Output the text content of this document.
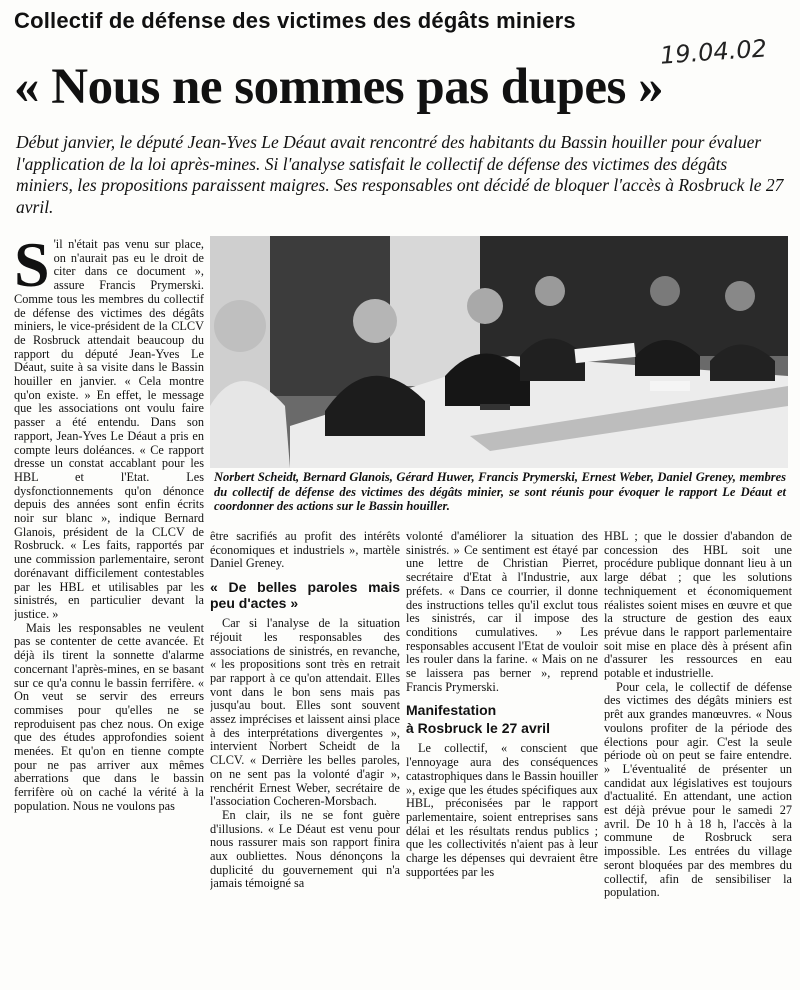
Collectif de défense des victimes des dégâts miniers
19.04.02
« Nous ne sommes pas dupes »
Début janvier, le député Jean-Yves Le Déaut avait rencontré des habitants du Bassin houiller pour évaluer l'application de la loi après-mines. Si l'analyse satisfait le collectif de défense des victimes des dégâts miniers, les propositions paraissent maigres. Ses responsables ont décidé de bloquer l'accès à Rosbruck le 27 avril.
Norbert Scheidt, Bernard Glanois, Gérard Huwer, Francis Prymerski, Ernest Weber, Daniel Greney, membres du collectif de défense des victimes des dégâts minier, se sont réunis pour évoquer le rapport Le Déaut et coordonner des actions sur le Bassin houiller.

S 'il n'était pas venu sur place, on n'aurait pas eu le droit de citer dans ce document », assure Francis Prymerski. Comme tous les membres du collectif de défense des victimes des dégâts miniers, le vice-président de la CLCV de Rosbruck attendait beaucoup du rapport du député Jean-Yves Le Déaut, suite à sa visite dans le Bassin houiller en janvier. « Cela montre qu'on existe. » En effet, le message que les associations ont voulu faire passer a été entendu. Dans son rapport, Jean-Yves Le Déaut a pris en compte leurs doléances. « Ce rapport dresse un constat accablant pour les HBL et l'Etat. Les dysfonctionnements qu'on dénonce depuis des années sont enfin écrits noir sur blanc », indique Bernard Glanois, président de la CLCV de Rosbruck. « Les faits, rapportés par une commission parlementaire, seront dorénavant difficilement contestables par les HBL et utilisables par les sinistrés, en particulier devant la justice. »

Mais les responsables ne veulent pas se contenter de cette avancée. Et déjà ils tirent la sonnette d'alarme concernant l'après-mines, en se basant sur ce qu'a connu le bassin ferrifère. « On veut se servir des erreurs commises pour qu'elles ne se reproduisent pas chez nous. On exige que des études approfondies soient menées. Et qu'on en tienne compte pour ne pas arriver aux mêmes aberrations que dans le bassin ferrifère où on caché la vérité à la population. Nous ne voulons pas

être sacrifiés au profit des intérêts économiques et industriels », martèle Daniel Greney.

« De belles paroles mais peu d'actes »

Car si l'analyse de la situation réjouit les responsables des associations de sinistrés, en revanche, « les propositions sont très en retrait par rapport à ce qu'on attendait. Elles vont dans le bon sens mais pas jusqu'au bout. Elles sont souvent assez imprécises et laissent ainsi place à des interprétations divergentes », intervient Norbert Scheidt de la CLCV. « Derrière les belles paroles, on ne sent pas la volonté d'agir », renchérit Ernest Weber, secrétaire de l'association Cocheren-Morsbach.

En clair, ils ne se font guère d'illusions. « Le Déaut est venu pour nous rassurer mais son rapport finira aux oubliettes. Nous dénonçons la duplicité du gouvernement qui n'a jamais témoigné sa

volonté d'améliorer la situation des sinistrés. » Ce sentiment est étayé par une lettre de Christian Pierret, secrétaire d'Etat à l'Industrie, aux préfets. « Dans ce courrier, il donne des instructions telles qu'il exclut tous les sinistrés, car il impose des conditions cumulatives. » Les responsables accusent l'Etat de vouloir les rouler dans la farine. « Mais on ne se laissera pas berner », reprend Francis Prymerski.

Manifestation
à Rosbruck le 27 avril

Le collectif, « conscient que l'ennoyage aura des conséquences catastrophiques dans le Bassin houiller », exige que les études spécifiques aux HBL, préconisées par le rapport parlementaire, soient entreprises sans délai et les résultats rendus publics ; que les collectivités n'aient pas à leur charge les dépenses qui devraient être supportées par les

HBL ; que le dossier d'abandon de concession des HBL soit une procédure publique donnant lieu à un large débat ; que les solutions techniquement et économiquement réalistes soient mises en œuvre et que la structure de gestion des eaux prévue dans le rapport parlementaire soit mise en place dès à présent afin d'assurer les ressources en eau potable et industrielle.

Pour cela, le collectif de défense des victimes des dégâts miniers est prêt aux grandes manœuvres. « Nous voulons profiter de la période des élections pour agir. C'est la seule période où on peut se faire entendre. » L'éventualité de présenter un candidat aux législatives est toujours d'actualité. En attendant, une action est déjà prévue pour le samedi 27 avril. De 10 h à 18 h, l'accès à la commune de Rosbruck sera impossible. Les entrées du village seront bloquées par des membres du collectif, afin de sensibiliser la population.
